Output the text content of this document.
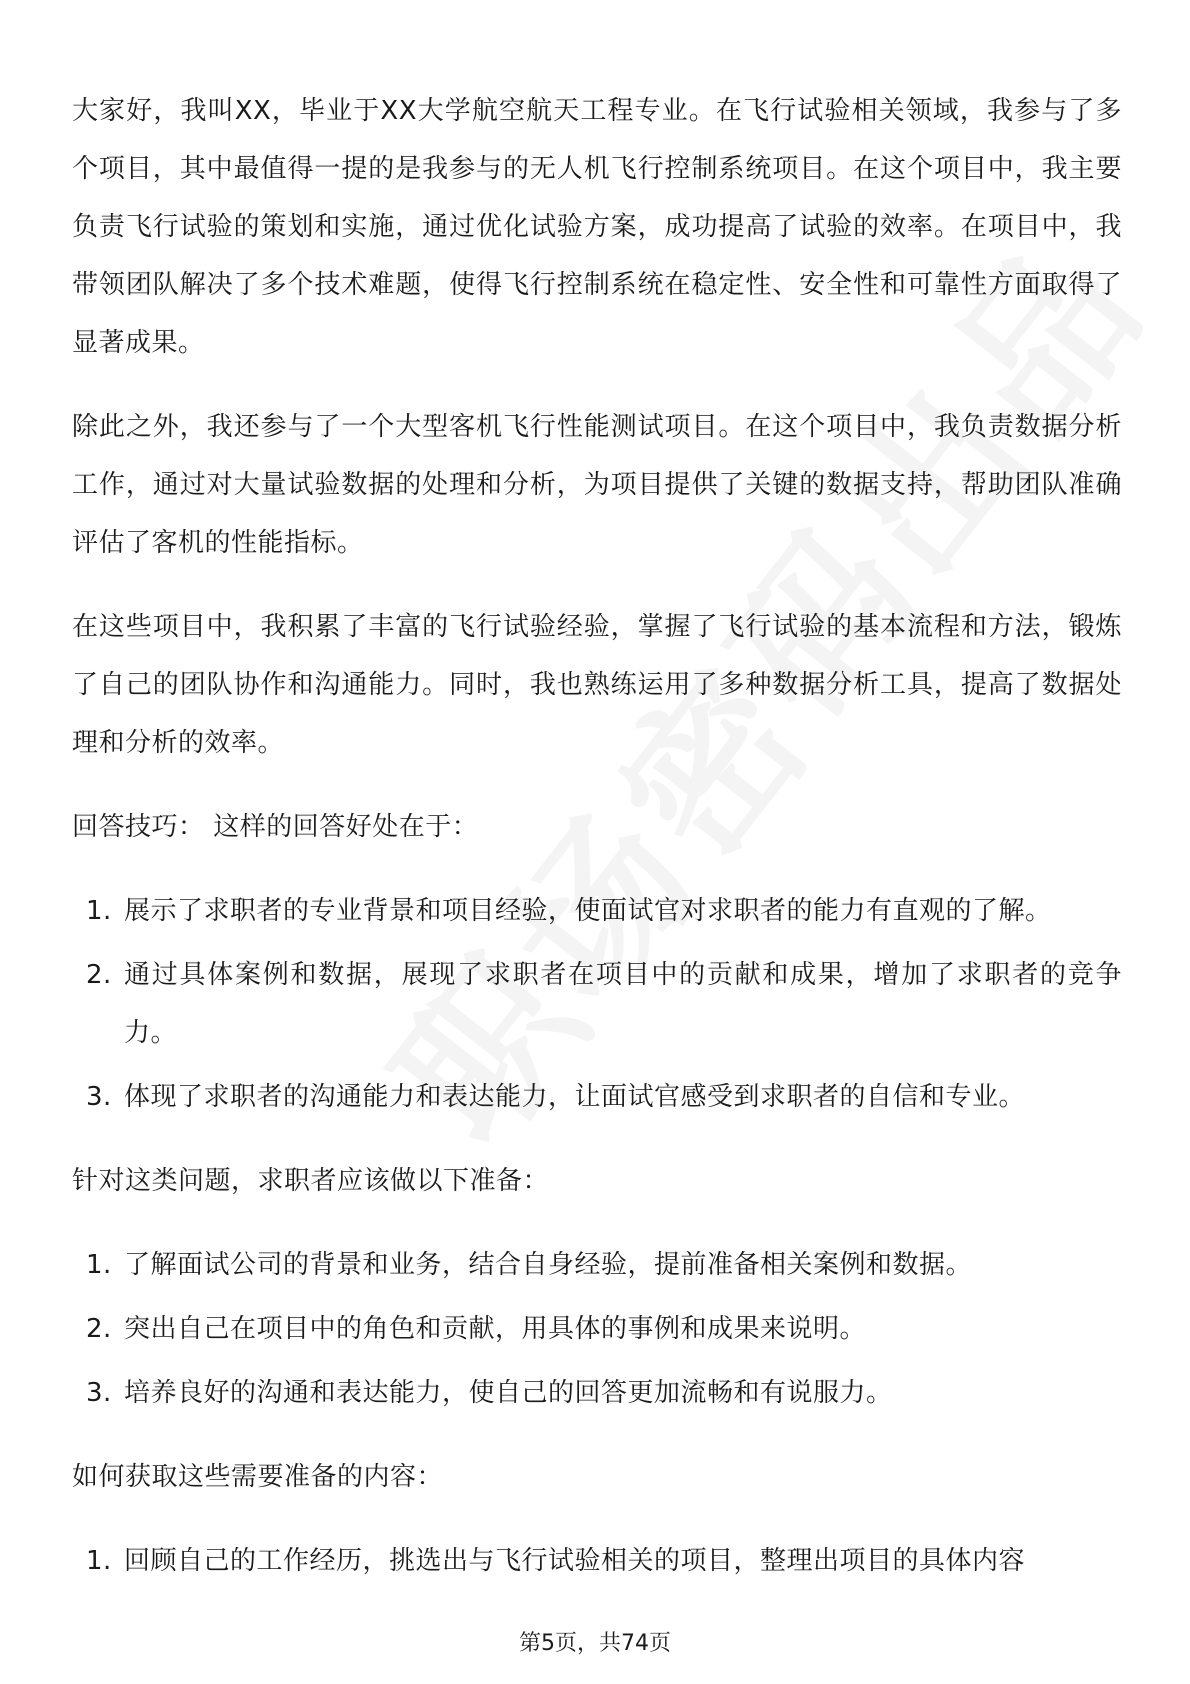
大家好，我叫XX，毕业于XX大学航空航天工程专业。在飞行试验相关领域，我参与了多个项目，其中最值得一提的是我参与的无人机飞行控制系统项目。在这个项目中，我主要负责飞行试验的策划和实施，通过优化试验方案，成功提高了试验的效率。在项目中，我带领团队解决了多个技术难题，使得飞行控制系统在稳定性、安全性和可靠性方面取得了显著成果。

除此之外，我还参与了一个大型客机飞行性能测试项目。在这个项目中，我负责数据分析工作，通过对大量试验数据的处理和分析，为项目提供了关键的数据支持，帮助团队准确评估了客机的性能指标。

在这些项目中，我积累了丰富的飞行试验经验，掌握了飞行试验的基本流程和方法，锻炼了自己的团队协作和沟通能力。同时，我也熟练运用了多种数据分析工具，提高了数据处理和分析的效率。

回答技巧： 这样的回答好处在于：

1. 展示了求职者的专业背景和项目经验，使面试官对求职者的能力有直观的了解。
2. 通过具体案例和数据，展现了求职者在项目中的贡献和成果，增加了求职者的竞争力。
3. 体现了求职者的沟通能力和表达能力，让面试官感受到求职者的自信和专业。

针对这类问题，求职者应该做以下准备：

1. 了解面试公司的背景和业务，结合自身经验，提前准备相关案例和数据。
2. 突出自己在项目中的角色和贡献，用具体的事例和成果来说明。
3. 培养良好的沟通和表达能力，使自己的回答更加流畅和有说服力。

如何获取这些需要准备的内容：

1. 回顾自己的工作经历，挑选出与飞行试验相关的项目，整理出项目的具体内容
第5页，共74页
